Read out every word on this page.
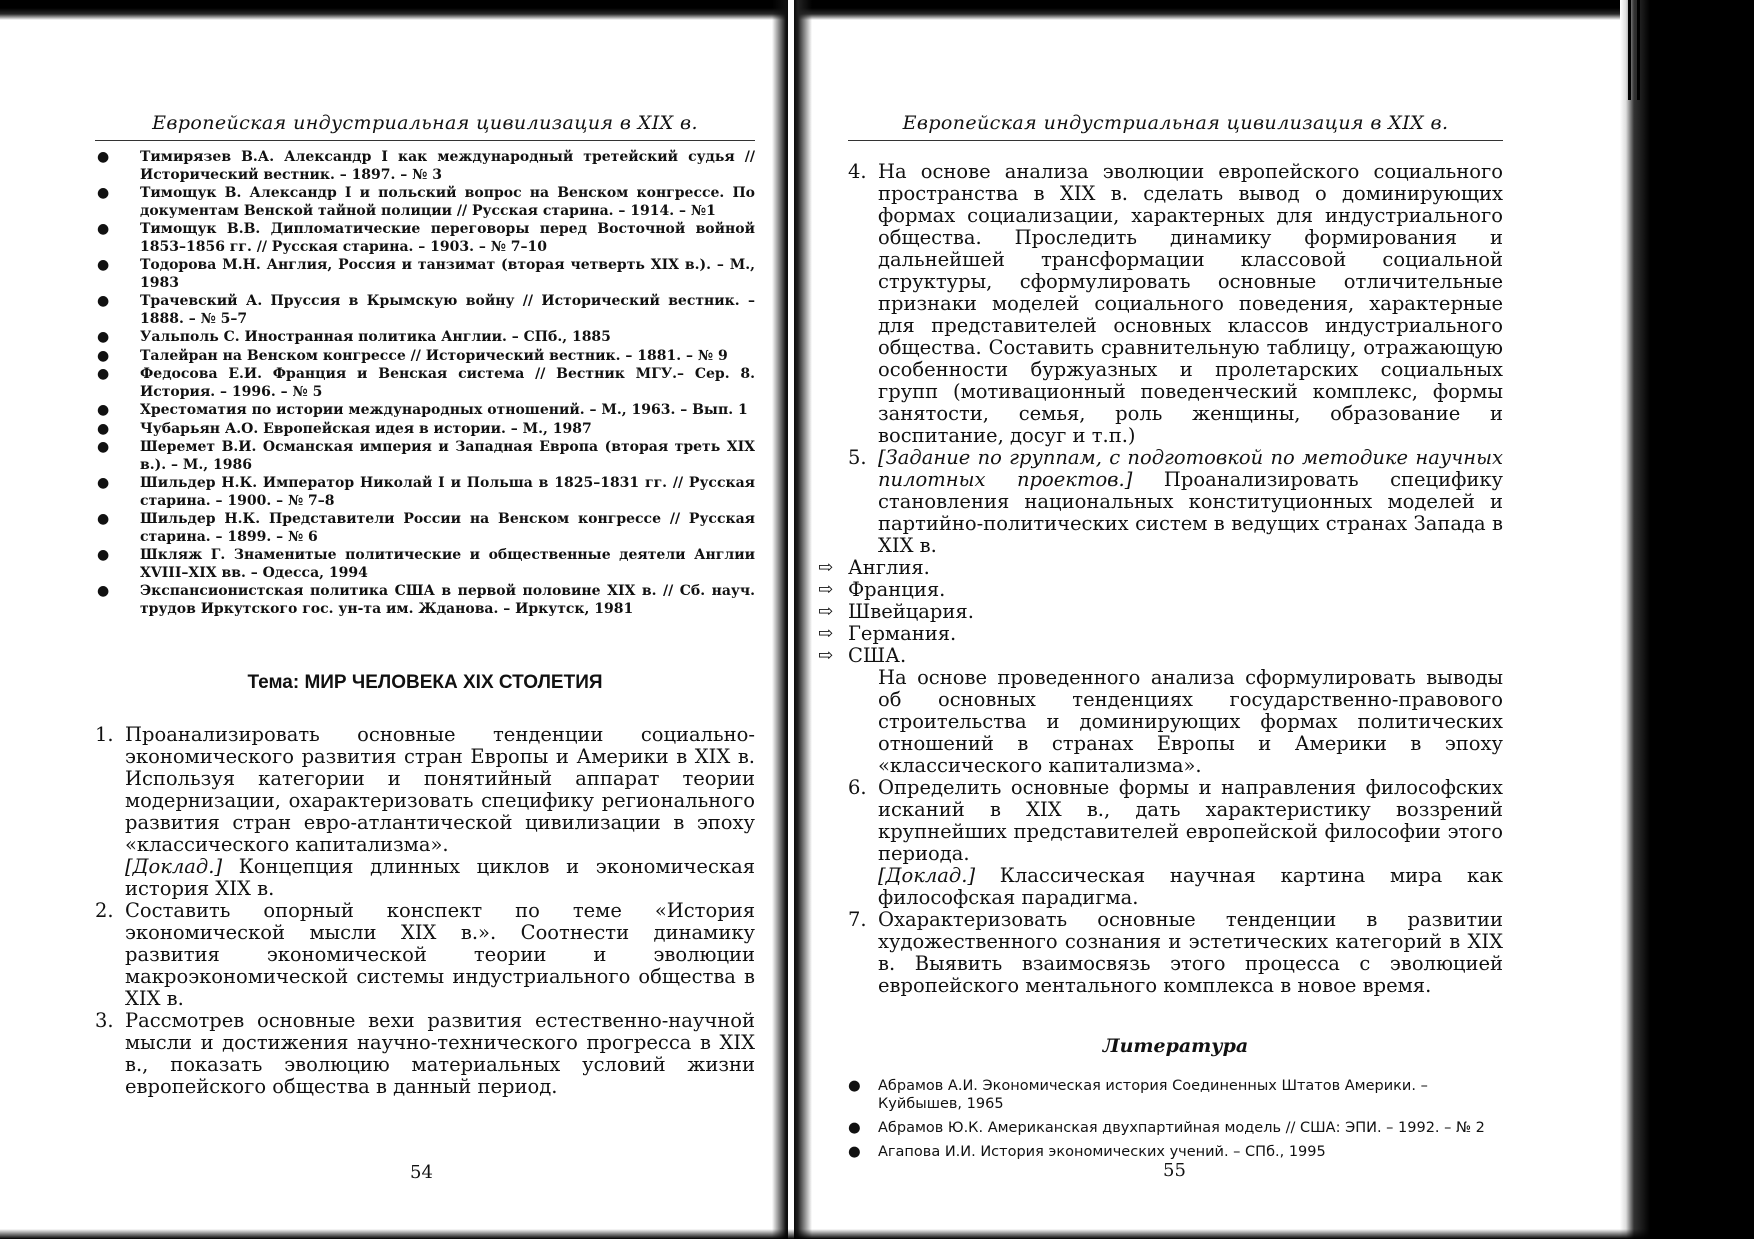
Европейская индустриальная цивилизация в XIX в.
● Тимирязев В.А. Александр I как международный третейский судья // Исторический вестник. – 1897. – № 3
● Тимощук В. Александр I и польский вопрос на Венском конгрессе. По документам Венской тайной полиции // Русская старина. – 1914. – №1
● Тимощук В.В. Дипломатические переговоры перед Восточной войной 1853–1856 гг. // Русская старина. – 1903. – № 7–10
● Тодорова М.Н. Англия, Россия и танзимат (вторая четверть XIX в.). – М., 1983
● Трачевский А. Пруссия в Крымскую войну // Исторический вестник. – 1888. – № 5–7
● Уальполь С. Иностранная политика Англии. – СПб., 1885
● Талейран на Венском конгрессе // Исторический вестник. – 1881. – № 9
● Федосова Е.И. Франция и Венская система // Вестник МГУ.– Сер. 8. История. – 1996. – № 5
● Хрестоматия по истории международных отношений. – М., 1963. – Вып. 1
● Чубарьян А.О. Европейская идея в истории. – М., 1987
● Шеремет В.И. Османская империя и Западная Европа (вторая треть XIX в.). – М., 1986
● Шильдер Н.К. Император Николай I и Польша в 1825–1831 гг. // Русская старина. – 1900. – № 7–8
● Шильдер Н.К. Представители России на Венском конгрессе // Русская старина. – 1899. – № 6
● Шкляж Г. Знаменитые политические и общественные деятели Англии XVIII–XIX вв. – Одесса, 1994
● Экспансионистская политика США в первой половине XIX в. // Сб. науч. трудов Иркутского гос. ун-та им. Жданова. – Иркутск, 1981
Тема: МИР ЧЕЛОВЕКА XIX СТОЛЕТИЯ
1. Проанализировать основные тенденции социально-экономического развития стран Европы и Америки в XIX в. Используя категории и понятийный аппарат теории модернизации, охарактеризовать специфику регионального развития стран евро-атлантической цивилизации в эпоху «классического капитализма».
[Доклад.] Концепция длинных циклов и экономическая история XIX в.
2. Составить опорный конспект по теме «История экономической мысли XIX в.». Соотнести динамику развития экономической теории и эволюции макроэкономической системы индустриального общества в XIX в.
3. Рассмотрев основные вехи развития естественно-научной мысли и достижения научно-технического прогресса в XIX в., показать эволюцию материальных условий жизни европейского общества в данный период.
54
Европейская индустриальная цивилизация в XIX в.
4. На основе анализа эволюции европейского социального пространства в XIX в. сделать вывод о доминирующих формах социализации, характерных для индустриального общества. Проследить динамику формирования и дальнейшей трансформации классовой социальной структуры, сформулировать основные отличительные признаки моделей социального поведения, характерные для представителей основных классов индустриального общества. Составить сравнительную таблицу, отражающую особенности буржуазных и пролетарских социальных групп (мотивационный поведенческий комплекс, формы занятости, семья, роль женщины, образование и воспитание, досуг и т.п.)
5. [Задание по группам, с подготовкой по методике научных пилотных проектов.] Проанализировать специфику становления национальных конституционных моделей и партийно-политических систем в ведущих странах Запада в XIX в.
⇨ Англия.
⇨ Франция.
⇨ Швейцария.
⇨ Германия.
⇨ США.
На основе проведенного анализа сформулировать выводы об основных тенденциях государственно-правового строительства и доминирующих формах политических отношений в странах Европы и Америки в эпоху «классического капитализма».
6. Определить основные формы и направления философских исканий в XIX в., дать характеристику воззрений крупнейших представителей европейской философии этого периода.
[Доклад.] Классическая научная картина мира как философская парадигма.
7. Охарактеризовать основные тенденции в развитии художественного сознания и эстетических категорий в XIX в. Выявить взаимосвязь этого процесса с эволюцией европейского ментального комплекса в новое время.
Литература
● Абрамов А.И. Экономическая история Соединенных Штатов Америки. – Куйбышев, 1965
● Абрамов Ю.К. Американская двухпартийная модель // США: ЭПИ. – 1992. – № 2
● Агапова И.И. История экономических учений. – СПб., 1995
55
